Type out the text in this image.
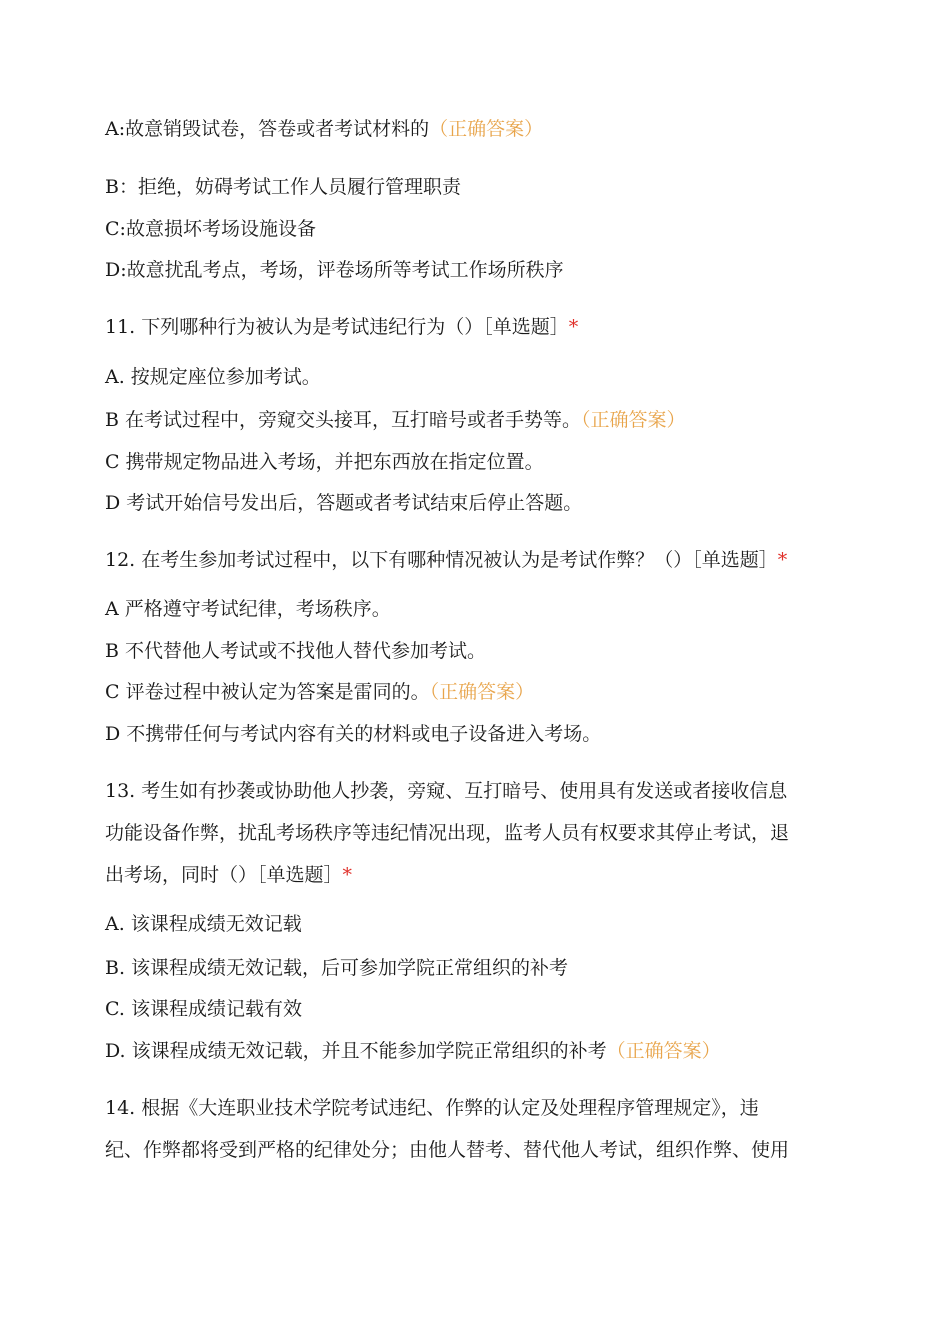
A:故意销毁试卷，答卷或者考试材料的（正确答案）
B：拒绝，妨碍考试工作人员履行管理职责
C:故意损坏考场设施设备
D:故意扰乱考点，考场，评卷场所等考试工作场所秩序
11. 下列哪种行为被认为是考试违纪行为（）［单选题］*
A. 按规定座位参加考试。
B 在考试过程中，旁窥交头接耳，互打暗号或者手势等。（正确答案）
C 携带规定物品进入考场，并把东西放在指定位置。
D 考试开始信号发出后，答题或者考试结束后停止答题。
12. 在考生参加考试过程中，以下有哪种情况被认为是考试作弊？（）［单选题］*
A 严格遵守考试纪律，考场秩序。
B 不代替他人考试或不找他人替代参加考试。
C 评卷过程中被认定为答案是雷同的。（正确答案）
D 不携带任何与考试内容有关的材料或电子设备进入考场。
13. 考生如有抄袭或协助他人抄袭，旁窥、互打暗号、使用具有发送或者接收信息
功能设备作弊，扰乱考场秩序等违纪情况出现，监考人员有权要求其停止考试，退
出考场，同时（）［单选题］*
A. 该课程成绩无效记载
B. 该课程成绩无效记载，后可参加学院正常组织的补考
C. 该课程成绩记载有效
D. 该课程成绩无效记载，并且不能参加学院正常组织的补考（正确答案）
14. 根据《大连职业技术学院考试违纪、作弊的认定及处理程序管理规定》，违
纪、作弊都将受到严格的纪律处分；由他人替考、替代他人考试，组织作弊、使用
